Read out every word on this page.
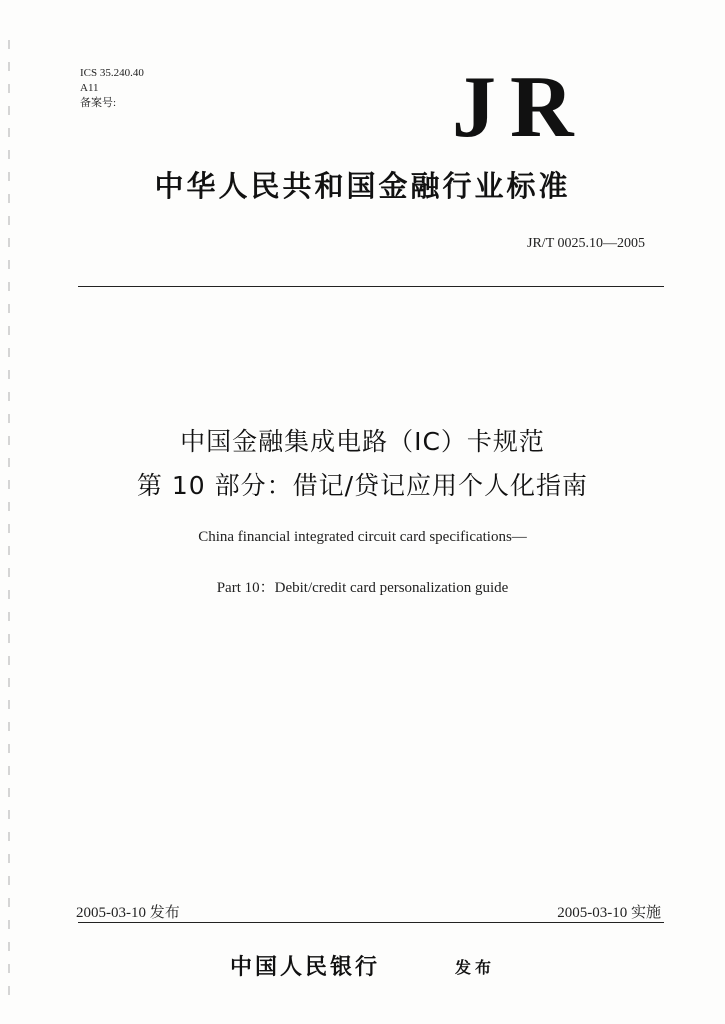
ICS 35.240.40
A11
备案号:	JR
中华人民共和国金融行业标准
JR/T 0025.10—2005
中国金融集成电路（IC）卡规范
第 10 部分：借记/贷记应用个人化指南
China financial integrated circuit card specifications—
Part 10：Debit/credit card personalization guide
2005-03-10 发布	2005-03-10 实施
中国人民银行	发布
